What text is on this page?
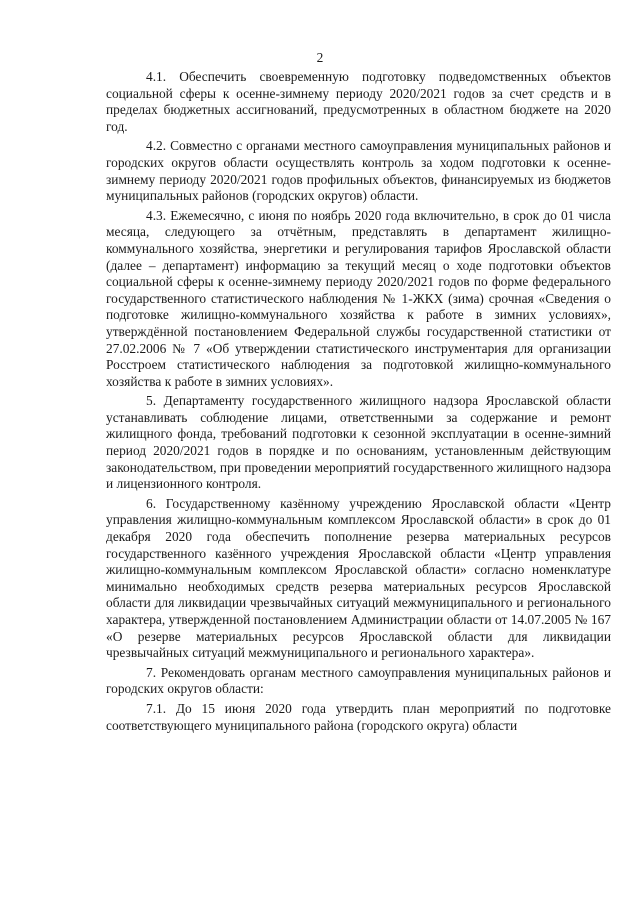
2

4.1. Обеспечить своевременную подготовку подведомственных объектов социальной сферы к осенне-зимнему периоду 2020/2021 годов за счет средств и в пределах бюджетных ассигнований, предусмотренных в областном бюджете на 2020 год.

4.2. Совместно с органами местного самоуправления муниципальных районов и городских округов области осуществлять контроль за ходом подготовки к осенне-зимнему периоду 2020/2021 годов профильных объектов, финансируемых из бюджетов муниципальных районов (городских округов) области.

4.3. Ежемесячно, с июня по ноябрь 2020 года включительно, в срок до 01 числа месяца, следующего за отчётным, представлять в департамент жилищно-коммунального хозяйства, энергетики и регулирования тарифов Ярославской области (далее – департамент) информацию за текущий месяц о ходе подготовки объектов социальной сферы к осенне-зимнему периоду 2020/2021 годов по форме федерального государственного статистического наблюдения № 1-ЖКХ (зима) срочная «Сведения о подготовке жилищно-коммунального хозяйства к работе в зимних условиях», утверждённой постановлением Федеральной службы государственной статистики от 27.02.2006 № 7 «Об утверждении статистического инструментария для организации Росстроем статистического наблюдения за подготовкой жилищно-коммунального хозяйства к работе в зимних условиях».

5. Департаменту государственного жилищного надзора Ярославской области устанавливать соблюдение лицами, ответственными за содержание и ремонт жилищного фонда, требований подготовки к сезонной эксплуатации в осенне-зимний период 2020/2021 годов в порядке и по основаниям, установленным действующим законодательством, при проведении мероприятий государственного жилищного надзора и лицензионного контроля.

6. Государственному казённому учреждению Ярославской области «Центр управления жилищно-коммунальным комплексом Ярославской области» в срок до 01 декабря 2020 года обеспечить пополнение резерва материальных ресурсов государственного казённого учреждения Ярославской области «Центр управления жилищно-коммунальным комплексом Ярославской области» согласно номенклатуре минимально необходимых средств резерва материальных ресурсов Ярославской области для ликвидации чрезвычайных ситуаций межмуниципального и регионального характера, утвержденной постановлением Администрации области от 14.07.2005 № 167 «О резерве материальных ресурсов Ярославской области для ликвидации чрезвычайных ситуаций межмуниципального и регионального характера».

7. Рекомендовать органам местного самоуправления муниципальных районов и городских округов области:

7.1. До 15 июня 2020 года утвердить план мероприятий по подготовке соответствующего муниципального района (городского округа) области
